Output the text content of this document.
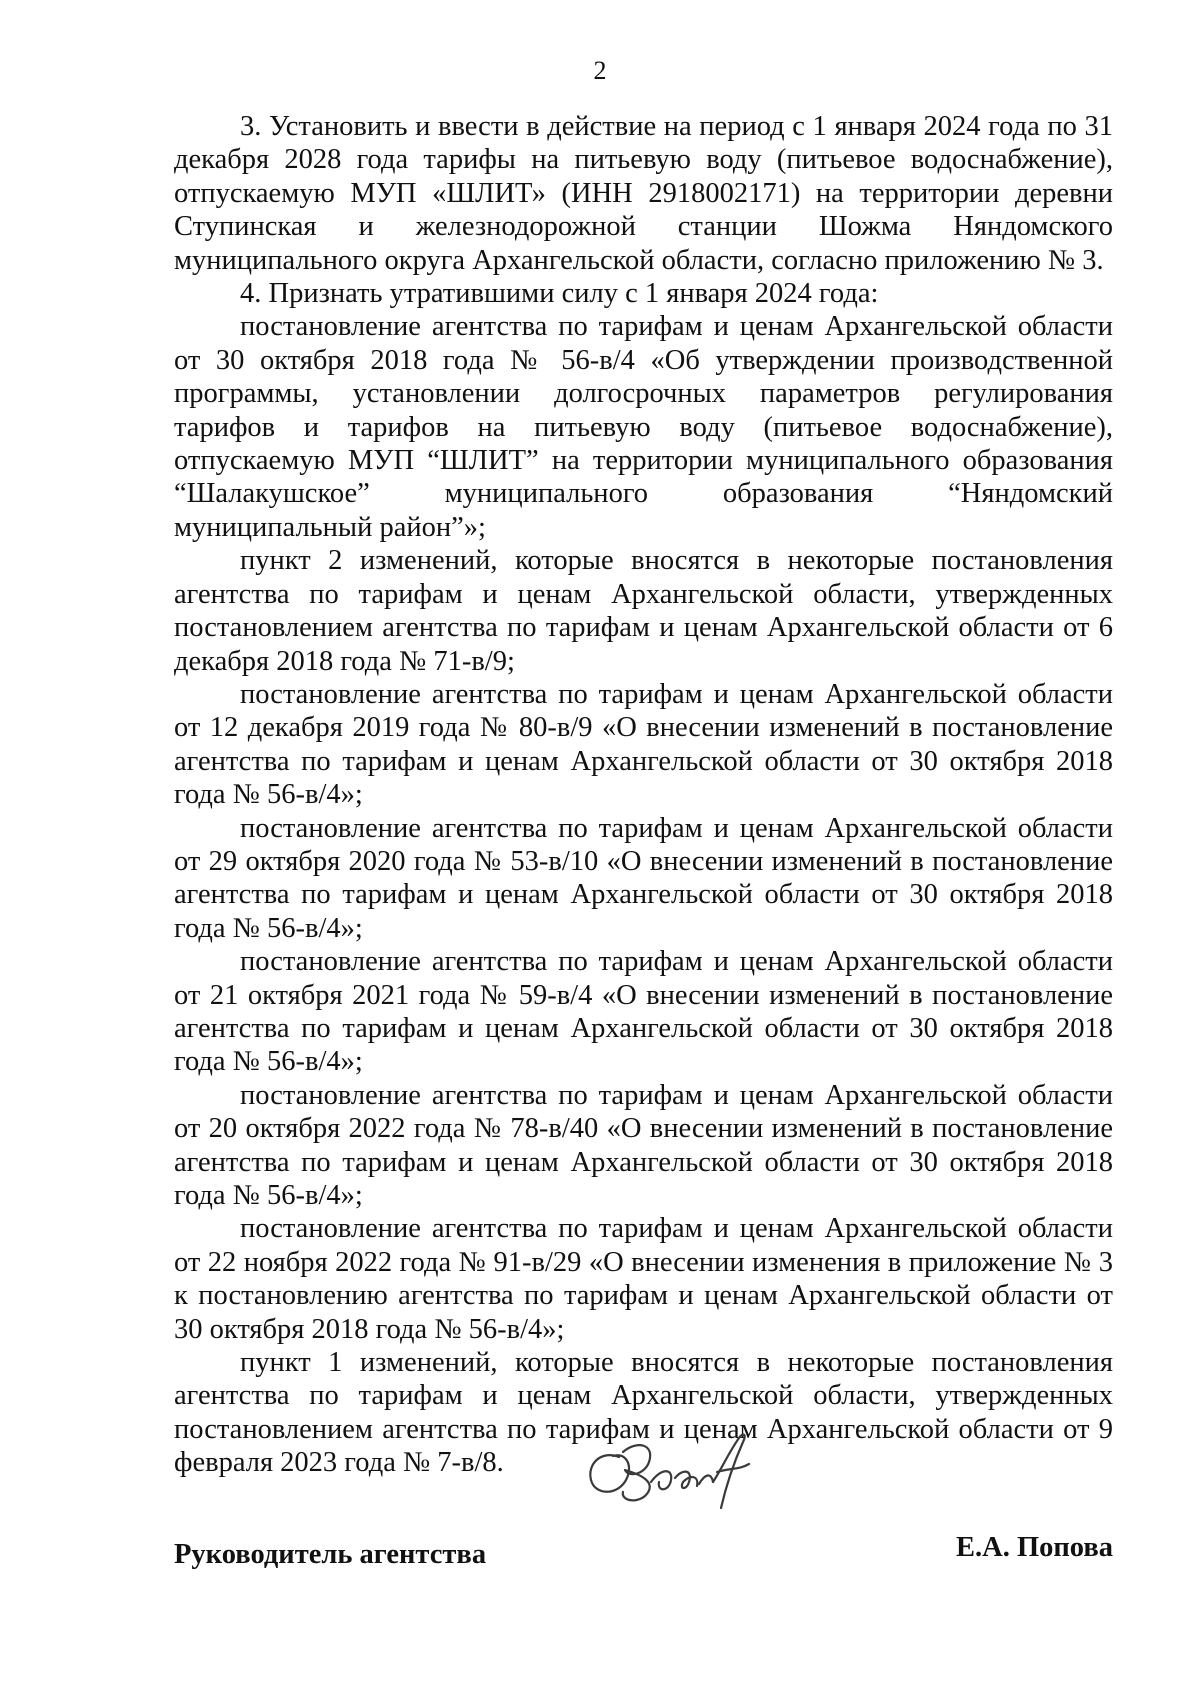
2

3. Установить и ввести в действие на период с 1 января 2024 года по 31 декабря 2028 года тарифы на питьевую воду (питьевое водоснабжение), отпускаемую МУП «ШЛИТ» (ИНН 2918002171) на территории деревни Ступинская и железнодорожной станции Шожма Няндомского муниципального округа Архангельской области, согласно приложению № 3.

4. Признать утратившими силу с 1 января 2024 года:

постановление агентства по тарифам и ценам Архангельской области от 30 октября 2018 года № 56-в/4 «Об утверждении производственной программы, установлении долгосрочных параметров регулирования тарифов и тарифов на питьевую воду (питьевое водоснабжение), отпускаемую МУП “ШЛИТ” на территории муниципального образования “Шалакушское” муниципального образования “Няндомский муниципальный район”»;

пункт 2 изменений, которые вносятся в некоторые постановления агентства по тарифам и ценам Архангельской области, утвержденных постановлением агентства по тарифам и ценам Архангельской области от 6 декабря 2018 года № 71-в/9;

постановление агентства по тарифам и ценам Архангельской области от 12 декабря 2019 года № 80-в/9 «О внесении изменений в постановление агентства по тарифам и ценам Архангельской области от 30 октября 2018 года № 56-в/4»;

постановление агентства по тарифам и ценам Архангельской области от 29 октября 2020 года № 53-в/10 «О внесении изменений в постановление агентства по тарифам и ценам Архангельской области от 30 октября 2018 года № 56-в/4»;

постановление агентства по тарифам и ценам Архангельской области от 21 октября 2021 года № 59-в/4 «О внесении изменений в постановление агентства по тарифам и ценам Архангельской области от 30 октября 2018 года № 56-в/4»;

постановление агентства по тарифам и ценам Архангельской области от 20 октября 2022 года № 78-в/40 «О внесении изменений в постановление агентства по тарифам и ценам Архангельской области от 30 октября 2018 года № 56-в/4»;

постановление агентства по тарифам и ценам Архангельской области от 22 ноября 2022 года № 91-в/29 «О внесении изменения в приложение № 3 к постановлению агентства по тарифам и ценам Архангельской области от 30 октября 2018 года № 56-в/4»;

пункт 1 изменений, которые вносятся в некоторые постановления агентства по тарифам и ценам Архангельской области, утвержденных постановлением агентства по тарифам и ценам Архангельской области от 9 февраля 2023 года № 7-в/8.

Руководитель агентства	Е.А. Попова
